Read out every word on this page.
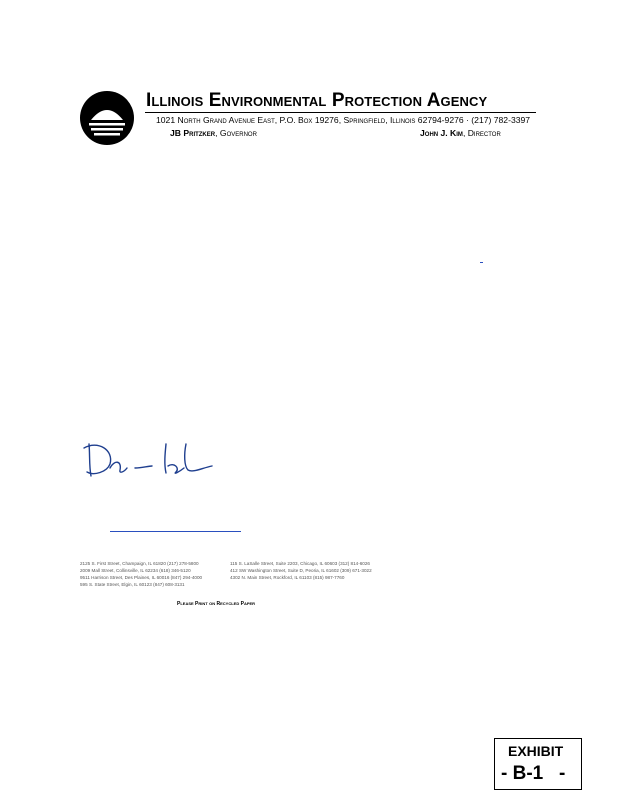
Illinois Environmental Protection Agency
1021 North Grand Avenue East, P.O. Box 19276, Springfield, Illinois 62794-9276 · (217) 782-3397
JB Pritzker, Governor	John J. Kim, Director
2125 S. First Street, Champaign, IL 61820 (217) 278-5800
2009 Mall Street, Collinsville, IL 62234 (618) 346-5120
9511 Harrison Street, Des Plaines, IL 60016 (847) 294-4000
595 S. State Street, Elgin, IL 60123 (847) 608-3131
115 S. LaSalle Street, Suite 2203, Chicago, IL 60603 (312) 814-6026
412 SW Washington Street, Suite D, Peoria, IL 61602 (309) 671-3022
4302 N. Main Street, Rockford, IL 61103 (815) 987-7760
Please Print on Recycled Paper
EXHIBIT
- B-1   -
